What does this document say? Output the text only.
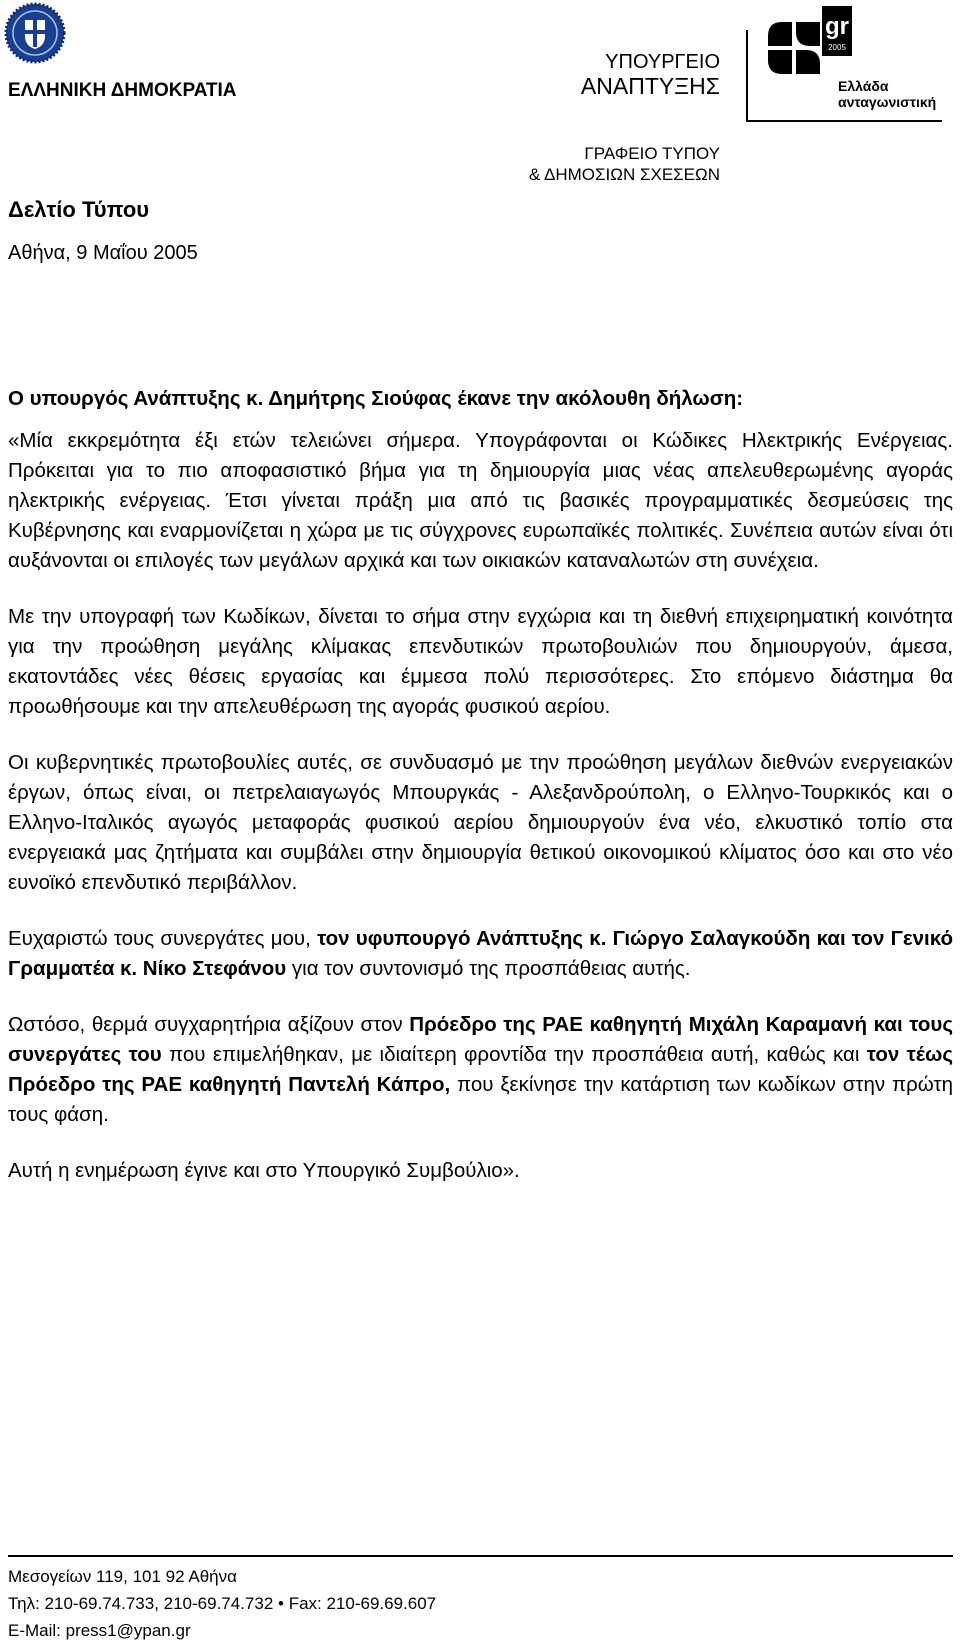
ΕΛΛΗΝΙΚΗ ΔΗΜΟΚΡΑΤΙΑ
ΥΠΟΥΡΓΕΙΟ
ΑΝΑΠΤΥΞΗΣ
gr
2005
Ελλάδα
ανταγωνιστική
ΓΡΑΦΕΙΟ ΤΥΠΟΥ
& ΔΗΜΟΣΙΩΝ ΣΧΕΣΕΩΝ
Δελτίο Τύπου
Αθήνα, 9 Μαΐου 2005

Ο υπουργός Ανάπτυξης κ. Δημήτρης Σιούφας έκανε την ακόλουθη δήλωση:

«Μία εκκρεμότητα έξι ετών τελειώνει σήμερα. Υπογράφονται οι Κώδικες Ηλεκτρικής Ενέργειας. Πρόκειται για το πιο αποφασιστικό βήμα για τη δημιουργία μιας νέας απελευθερωμένης αγοράς ηλεκτρικής ενέργειας. Έτσι γίνεται πράξη μια από τις βασικές προγραμματικές δεσμεύσεις της Κυβέρνησης και εναρμονίζεται η χώρα με τις σύγχρονες ευρωπαϊκές πολιτικές. Συνέπεια αυτών είναι ότι αυξάνονται οι επιλογές των μεγάλων αρχικά και των οικιακών καταναλωτών στη συνέχεια.

Με την υπογραφή των Κωδίκων, δίνεται το σήμα στην εγχώρια και τη διεθνή επιχειρηματική κοινότητα για την προώθηση μεγάλης κλίμακας επενδυτικών πρωτοβουλιών που δημιουργούν, άμεσα, εκατοντάδες νέες θέσεις εργασίας και έμμεσα πολύ περισσότερες. Στο επόμενο διάστημα θα προωθήσουμε και την απελευθέρωση της αγοράς φυσικού αερίου.

Οι κυβερνητικές πρωτοβουλίες αυτές, σε συνδυασμό με την προώθηση μεγάλων διεθνών ενεργειακών έργων, όπως είναι, οι πετρελαιαγωγός Μπουργκάς - Αλεξανδρούπολη, ο Ελληνο-Τουρκικός και ο Ελληνο-Ιταλικός αγωγός μεταφοράς φυσικού αερίου δημιουργούν ένα νέο, ελκυστικό τοπίο στα ενεργειακά μας ζητήματα και συμβάλει στην δημιουργία θετικού οικονομικού κλίματος όσο και στο νέο ευνοϊκό επενδυτικό περιβάλλον.

Ευχαριστώ τους συνεργάτες μου, τον υφυπουργό Ανάπτυξης κ. Γιώργο Σαλαγκούδη και τον Γενικό Γραμματέα κ. Νίκο Στεφάνου για τον συντονισμό της προσπάθειας αυτής.

Ωστόσο, θερμά συγχαρητήρια αξίζουν στον Πρόεδρο της ΡΑΕ καθηγητή Μιχάλη Καραμανή και τους συνεργάτες του που επιμελήθηκαν, με ιδιαίτερη φροντίδα την προσπάθεια αυτή, καθώς και τον τέως Πρόεδρο της ΡΑΕ καθηγητή Παντελή Κάπρο, που ξεκίνησε την κατάρτιση των κωδίκων στην πρώτη τους φάση.

Αυτή η ενημέρωση έγινε και στο Υπουργικό Συμβούλιο».

Μεσογείων 119, 101 92 Αθήνα
Τηλ: 210-69.74.733, 210-69.74.732 • Fax: 210-69.69.607
E-Mail: press1@ypan.gr
